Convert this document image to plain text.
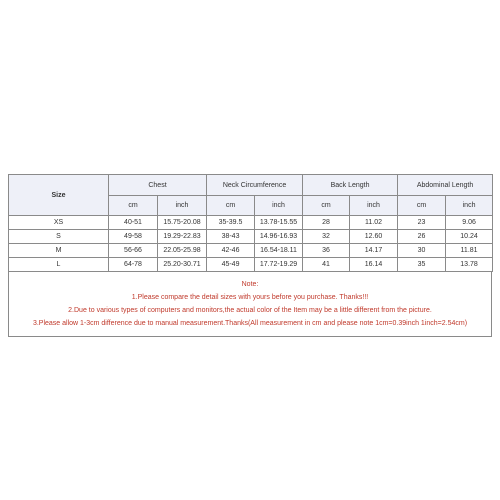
Size	Chest		Neck Circumference		Back Length		Abdominal Length	
	cm	inch	cm	inch	cm	inch	cm	inch
XS	40-51	15.75-20.08	35-39.5	13.78-15.55	28	11.02	23	9.06
S	49-58	19.29-22.83	38-43	14.96-16.93	32	12.60	26	10.24
M	56-66	22.05-25.98	42-46	16.54-18.11	36	14.17	30	11.81
L	64-78	25.20-30.71	45-49	17.72-19.29	41	16.14	35	13.78
Note:
1.Please compare the detail sizes with yours before you purchase. Thanks!!!
2.Due to various types of computers and monitors,the actual color of the Item may be a little different from the picture.
3.Please allow 1-3cm difference due to manual measurement.Thanks(All measurement in cm and please note 1cm=0.39inch 1inch=2.54cm)
